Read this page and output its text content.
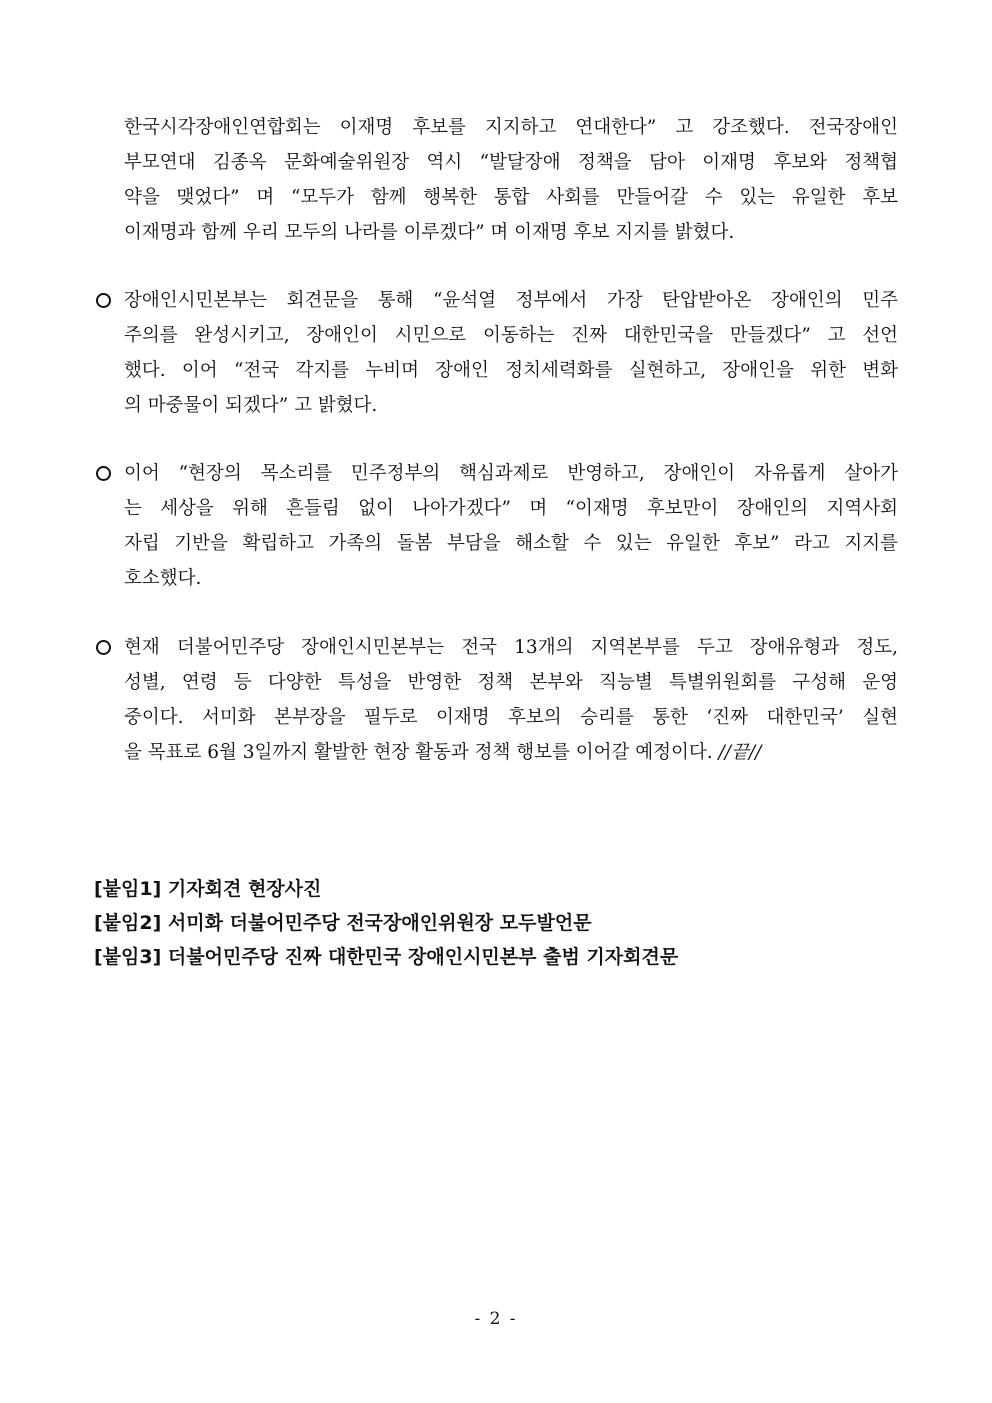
한국시각장애인연합회는 이재명 후보를 지지하고 연대한다” 고 강조했다. 전국장애인
부모연대 김종옥 문화예술위원장 역시 “발달장애 정책을 담아 이재명 후보와 정책협
약을 맺었다” 며 “모두가 함께 행복한 통합 사회를 만들어갈 수 있는 유일한 후보
이재명과 함께 우리 모두의 나라를 이루겠다” 며 이재명 후보 지지를 밝혔다.
장애인시민본부는 회견문을 통해 “윤석열 정부에서 가장 탄압받아온 장애인의 민주
주의를 완성시키고, 장애인이 시민으로 이동하는 진짜 대한민국을 만들겠다” 고 선언
했다. 이어 “전국 각지를 누비며 장애인 정치세력화를 실현하고, 장애인을 위한 변화
의 마중물이 되겠다” 고 밝혔다.
이어 “현장의 목소리를 민주정부의 핵심과제로 반영하고, 장애인이 자유롭게 살아가
는 세상을 위해 흔들림 없이 나아가겠다” 며 “이재명 후보만이 장애인의 지역사회
자립 기반을 확립하고 가족의 돌봄 부담을 해소할 수 있는 유일한 후보” 라고 지지를
호소했다.
현재 더불어민주당 장애인시민본부는 전국 13개의 지역본부를 두고 장애유형과 정도,
성별, 연령 등 다양한 특성을 반영한 정책 본부와 직능별 특별위원회를 구성해 운영
중이다. 서미화 본부장을 필두로 이재명 후보의 승리를 통한 ‘진짜 대한민국’ 실현
을 목표로 6월 3일까지 활발한 현장 활동과 정책 행보를 이어갈 예정이다. //끝//
[붙임1] 기자회견 현장사진
[붙임2] 서미화 더불어민주당 전국장애인위원장 모두발언문
[붙임3] 더불어민주당 진짜 대한민국 장애인시민본부 출범 기자회견문
- 2 -
